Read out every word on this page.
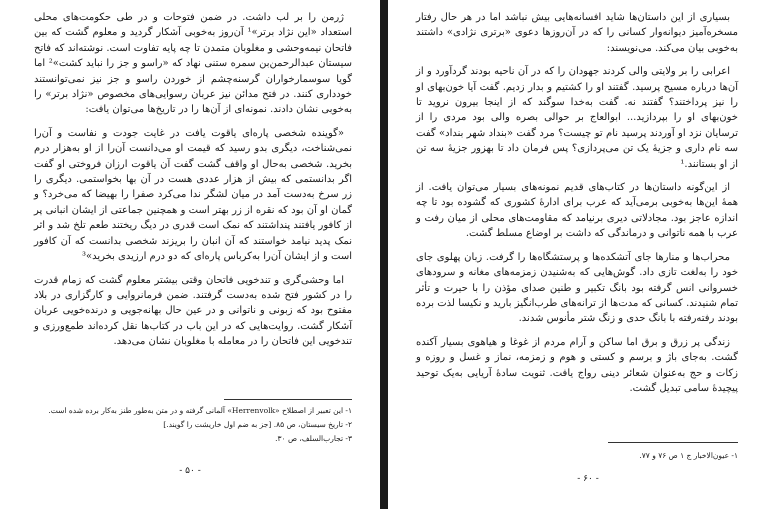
ژرمن را بر لب داشت. در ضمن فتوحات و در طی حکومت‌های محلی استعداد «این نژاد برتر»¹ آن‌روز به‌خوبی آشکار گردید و معلوم گشت که بین فاتحان نیمه‌وحشی و مغلوبان متمدن تا چه پایه تفاوت است. نوشته‌اند که فاتح سیستان عبدالرحمن‌بن سمره ستنی نهاد که «راسو و جز را نباید کشت»² اما گویا سوسمارخواران گرسنه‌چشم از خوردن راسو و جز نیز نمی‌توانستند خودداری کنند. در فتح مدائن نیز عربان رسوایی‌های مخصوص «نژاد برتر» را به‌خوبی نشان دادند. نمونه‌ای از آن‌ها را در تاریخ‌ها می‌توان یافت:

«گوینده شخصی پاره‌ای یاقوت یافت در غایت جودت و نفاست و آن‌را نمی‌شناخت، دیگری بدو رسید که قیمت او می‌دانست آن‌را از او به‌هزار درم بخرید. شخصی به‌حال او واقف گشت گفت آن یاقوت ارزان فروختی او گفت اگر بدانستمی که بیش از هزار عددی هست در آن بها بخواستمی. دیگری را زر سرخ به‌دست آمد در میان لشگر ندا می‌کرد صفرا را بهیضا که می‌خرد؟ و گمان او آن بود که نقره از زر بهتر است و همچنین جماعتی از ایشان انبانی پر از کافور یافتند پنداشتند که نمک است قدری در دیگ ریختند طعم تلخ شد و اثر نمک پدید نیامد خواستند که آن انبان را بریزند شخصی بدانست که آن کافور است و از ایشان آن‌را به‌کرباس پاره‌ای که دو درم ارزیدی بخرید»³

اما وحشی‌گری و تندخویی فاتحان وقتی بیشتر معلوم گشت که زمام قدرت را در کشور فتح شده به‌دست گرفتند. ضمن فرمانروایی و کارگزاری در بلاد مفتوح بود که زبونی و ناتوانی و در عین حال بهانه‌جویی و درنده‌خویی عربان آشکار گشت. روایت‌هایی که در این باب در کتاب‌ها نقل کرده‌اند طمع‌ورزی و تندخویی این فاتحان را در معامله با مغلوبان نشان می‌دهد.

۱- این تعبیر از اصطلاح «Herrenvolk» آلمانی گرفته و در متن به‌طور طنز به‌کار برده شده است.

۲- تاریخ سیستان، ص ۸۵. [جز به ضم اول خاریشت را گویند.]

۳- تجارب‌السلف، ص ۳۰.

- ۵۰ -

بسیاری از این داستان‌ها شاید افسانه‌هایی بیش نباشد اما در هر حال رفتار مسخره‌آمیز دیوانه‌وار کسانی را که در آن‌روزها دعوی «برتری نژادی» داشتند به‌خوبی بیان می‌کند. می‌نویسند:

اعرابی را بر ولایتی والی کردند جهودان را که در آن ناحیه بودند گردآورد و از آن‌ها درباره مسیح پرسید. گفتند او را کشتیم و بدار زدیم. گفت آیا خون‌بهای او را نیز پرداختند؟ گفتند نه. گفت به‌خدا سوگند که از اینجا بیرون نروید تا خون‌بهای او را بپردازید... ابوالعاج بر حوالی بصره والی بود مردی را از ترسایان نزد او آوردند پرسید نام تو چیست؟ مرد گفت «بنداد شهر بنداد» گفت سه نام داری و جزیهٔ یک تن می‌پردازی؟ پس فرمان داد تا بهزور جزیهٔ سه تن از او بستانند.¹

از این‌گونه داستان‌ها در کتاب‌های قدیم نمونه‌های بسیار می‌توان یافت. از همهٔ این‌ها به‌خوبی برمی‌آید که عرب برای ادارهٔ کشوری که گشوده بود تا چه اندازه عاجز بود. مجادلاتی دیری برنیامد که مقاومت‌های محلی از میان رفت و عرب با همه ناتوانی و درماندگی که داشت بر اوضاع مسلط گشت.

محراب‌ها و منارها جای آتشکده‌ها و پرستشگاه‌ها را گرفت. زبان پهلوی جای خود را به‌لغت تازی داد. گوش‌هایی که به‌شنیدن زمزمه‌های مغانه و سرودهای خسروانی انس گرفته بود بانگ تکبیر و طنین صدای مؤذن را با حیرت و تأثر تمام شنیدند. کسانی که مدت‌ها از ترانه‌های طرب‌انگیز بارید و نکیسا لذت برده بودند رفته‌رفته با بانگ حدی و زنگ شتر مأنوس شدند.

زندگی پر زرق و برق اما ساکن و آرام مردم از غوغا و هیاهوی بسیار آکنده گشت. به‌جای باژ و برسم و کستی و هوم و زمزمه، نماز و غسل و روزه و زکات و حج به‌عنوان شعائر دینی رواج یافت. ثنویت سادهٔ آریایی به‌یک توحید پیچیدهٔ سامی تبدیل گشت.

۱- عیون‌الاخبار ج ۱ ص ۷۶ و ۷۷.

- ۶۰ -
